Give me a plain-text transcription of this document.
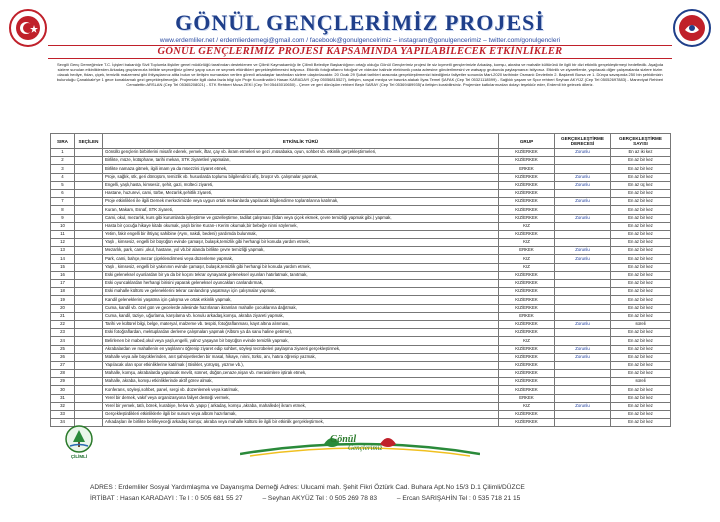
GÖNÜL GENÇLERİMİZ PROJESİ
www.erdemliler.net / erdemlierdemegi@gmail.com / facebook@gonulgencelrimiz – instagram@gonulgencerimiz – twitter.com/gonulgencleri
GÖNÜL GENÇLERİMİZ PROJESİ KAPSAMINDA YAPILABİLECEK ETKİNLİKLER
Sevgili Genç Derneğimize T.C. İçişleri bakanlığı Sivil Toplumla ilişkiler genel müdürlüğü tarafından desteklenen ve Çilimli Kaymakamlığı ile Çilimli Belediye Başkanlığının ortağı olduğu Gönül Gençlerimiz projesi ile siz kıymetli gençlerimizle Arkadaş, komşu, akraba ve mahalle kültürünü ile ilgili bir dizi etkinlik gerçekleştirmeyi hedefledik. Aşağıda sizlere sunulan etkinliklerden Arkadaş gruplarınızla birlikte seçeceğiniz görevi yapıp uzun ve seçmek etkinlikleri gerçekleştirilmesini istiyoruz. Etkinlik fotoğraflarını fotoğraf ve videolar halinde elektronik posta adresine gönderilmesini ve watsapp grubunda paylaşmanızı istiyoruz. Etkinlik ve ziyaretlerde, yapılacak diğer çalışmalarda sizlere bizim olacak hediye, fidan, çiçek, temizlik malzemesi gibi ihtiyaçlarınız altta bulun ve iletişim numaraları verilen görevli arkadaşlar tarafından sizlere ulaştırılacaktır. 20 Ocak 29 Şubat tarihleri arasında gerçekleştirmenizi istediğimiz faliyetler sonunda Mart-2020 tarihinde Osmanlı Devletinin 2. Başkenti Bursa ve 1. Dünya savaşında 250 bin şehidimizin bulunduğu Çanakkale'ye 1 gece konaklamalı gezi gerçekleştireceğiz. Projemizle ilgili daha fazla bilgi için Proje Koordinatörü Hasan KARADAYI (Cep 05056815527), iletişim, sosyal medya ve basınla alakalı İlyas Temel ŞAFAK (Cep Tel 05321118599) - Sağlıklı yaşam ve Spor rehberi Seyhan AKYÜZ (Cep Tel 05052697883) - Maneviyat Rehberi Cemalettin ARSLAN (Cep Tel 05365208021) - STK Rehberi Musa ZEKİ (Cep Tel 05445010650) - Çevre ve geri dönüşüm rehberi Beşir SARAY (Cep Tel 05369489935)'a iletişim kurabilirsiniz. Projemize katkılarınızdan dolayı teşekkür eder, Erdemli bir gelecek dileriz.
SIRA	SEÇİLEN	ETKİNLİK TÜRÜ	GRUP	GERÇEKLEŞTİRME DERECESİ	GERÇEKLEŞTİRME SAYISI
1		Gönüllü gençlerin birbirlerini misafir ederek, yemek, iftar, çay vb. ikram etmeleri ve gezi ,müsabaka, oyun, sohbet vb. etkinlik gerçekleştirmeleri,	KIZ/ERKEK	Zorunlu	En az iki kez
2		Birlikte, müze, kütüphane, tarihi mekan, STK ziyaretleri yapmaları,	KIZ/ERKEK		En az bir kez
3		Birlikte namaza gitmek, ilgili imam ya da müezzini ziyaret etmek,	ERKEK		En az bir kez
4		Proje, sağlık, stk, geri dönüşüm, temizlik vb. hususlarda toplumu bilgilendirici afiş, broşür vb. çalışmalar yapmak,	KIZ/ERKEK	Zorunlu	En az bir kez
5		Engelli, yaşlı,hasta, kimsesiz, şehit, gazi, mülteci ziyareti,	KIZ/ERKEK	Zorunlu	En az üç kez
6		Hastane, huzurevi, cami, türbe, Mezarlık,şehitlik ziyareti,	KIZ/ERKEK		En az bir kez
7		Proje etkinlikleri ile ilgili Dernek merkezimizde veya uygun ortak mekanlarda yapılacak bilgilendirme toplantılarına katılmak,	KIZ/ERKEK	Zorunlu	En az bir kez
8		Kuran, Makam, Esnaf, STK ziyareti,	KIZ/ERKEK		En az bir kez
9		Cami, okul, mezarlık, kurs gibi kurumlarda iyileştirme ve güzelleştirme, tadilat çalışması (fidan veya çiçek ekmek, çevre temizliği yapmak gibi.) yapmak,	KIZ/ERKEK	Zorunlu	En az bir kez
10		Hasta bir çocuğa hikaye kitabı okumak, yaşlı birine Kuran-ı Kerim okumak,bir bebeğe ninni söylemek,	KIZ		En az bir kez
11		Yetim, fakir engelli bir ihtiyaç sahibine (Aynı, nakdi, bedeni) yardımda bulunmak,	KIZ/ERKEK		En az bir kez
12		Yaşlı , kimsesiz, engelli bir büyüğün evinde çamaşır, bulaşık,temizlik gibi herhangi bir konuda yardım etmek,	KIZ		En az bir kez
13		Mezarlık, park, cami ,okul, hastane, yol vb.bir alanda birlikte çevre temizliği yapmak,	ERKEK	Zorunlu	En az bir kez
14		Park, cami, bahçe,mezar çiçeklendirmesi veya düzenleme yapmak,	KIZ	Zorunlu	En az bir kez
15		Yaşlı , kimsesiz, engelli bir yakınının evinde çamaşır, bulaşık,temizlik gibi herhangi bir konuda yardım etmek,	KIZ		En az bir kez
16		Eski geleneksel oyunlardan bir ya da bir koçını tekrar oynayarak geleneksel oyunları hatırlatmak, tanıtmak,	KIZ/ERKEK		En az bir kez
17		Eski oyuncaklardan herhangi birisini yaparak geleneksel oyuncakları canlandırmak,	KIZ/ERKEK		En az bir kez
18		Eski mahalle kültürü ve geleneklerini tekrar canlandırıp yaşatmayı için çalışmalar yapmak,	KIZ/ERKEK		En az bir kez
19		Kandil geleneklerini yaşatma için çalışma ve ortak etkinlik yapmak,	KIZ/ERKEK		En az bir kez
20		Cuma, kandil vb. özel gün ve gecelerde ailesinde hazırlanan ikramları mahalle çocuklarına dağıtmak,	KIZ/ERKEK		En az bir kez
21		Cuma, kandil, taziye, uğurlama, karşılama vb. konulu arkadaş,komşu, akraba ziyareti yapmak,	ERKEK		En az bir kez
22		Tarihi ve kültürel bilgi, belge, materyal, malzeme vb. tespiti, fotoğraflanması, kayıt altına alınması,	KIZ/ERKEK	Zorunlu	süreli
23		Eski fotoğraflardan, mektuplardan derleme çalışmaları yapmak (Albüm ya da sanu haline getirme),	KIZ/ERKEK		En az bir kez
24		Belirlenen bir mabed,okul veya yaşlı,engelli, yalnız yaşayan bir büyüğün evinde temizlik yapmak,	KIZ		En az bir kez
25		Akrabalardan ve mahallenin en yaşlılarını öğrenip ziyaret edip sohbet, söyleşi tecrübeleri paylaşma ziyareti gerçekleştirmek,	KIZ/ERKEK	Zorunlu	En az bir kez
26		Mahalle veya aile büyüklerinden, anıt şahsiyetlerden bir masal, hikaye, ninni, türkü, anı, hatıra öğrenip yazmak,	KIZ/ERKEK	Zorunlu	En az bir kez
27		Yapılacak olan spor etkinliklerine katılmak ( Bisiklet, yürüyüş, yüzme vb.),	KIZ/ERKEK		En az bir kez
28		Mahalle, komşu, akrabalarda yapılacak mevlit, sünnet, düğün,cenaze,nişan vb. merasimlere iştirak etmek,	KIZ/ERKEK		En az bir kez
29		Mahalle, akraba, komşu etkinliklerinde aktif görev almak,	KIZ/ERKEK		süreli
30		Konferans, söyleşi,sohbet, panel, sergi vb. düzenlemek veya katılmak,	KIZ/ERKEK		En az bir kez
31		Yerel bir dernek, vakıf veya organizasyona faliyet desteği vermek,	ERKEK		En az bir kez
32		Yerel bir yemek, tatlı, börek, kurabiye, helva vb. yapıp ( arkadaş, komşu ,akraba, mahallede) ikram etmek,	KIZ	Zorunlu	En az bir kez
33		Gerçekleştirdikleri etkinliklerle ilgili bir sunum veya albüm hazırlamak,	KIZ/ERKEK		En az bir kez
34		Arkadaşları ile birlikte belirleyeceği arkadaş komşu; akraba veya mahalle kültürü ile ilgili bir etkinlik gerçekleştirmek,	KIZ/ERKEK		En az bir kez
ÇİLİMLİ
Gönül
Gençlerimiz
ADRES : Erdemliler Sosyal Yardımlaşma ve Dayanışma Derneği Adres: Ulucami mah. Şehit Fikri Öztürk Cad. Buhara Apt.No 15/3 D.1 Çilimli/DÜZCE
İRTİBAT : Hasan KARADAYI : Te l : 0 505 681 55 27	– Seyhan AKYÜZ Tel : 0 505 269 78 83	– Ercan SARIŞAHİN Tel : 0 535 718 21 15
